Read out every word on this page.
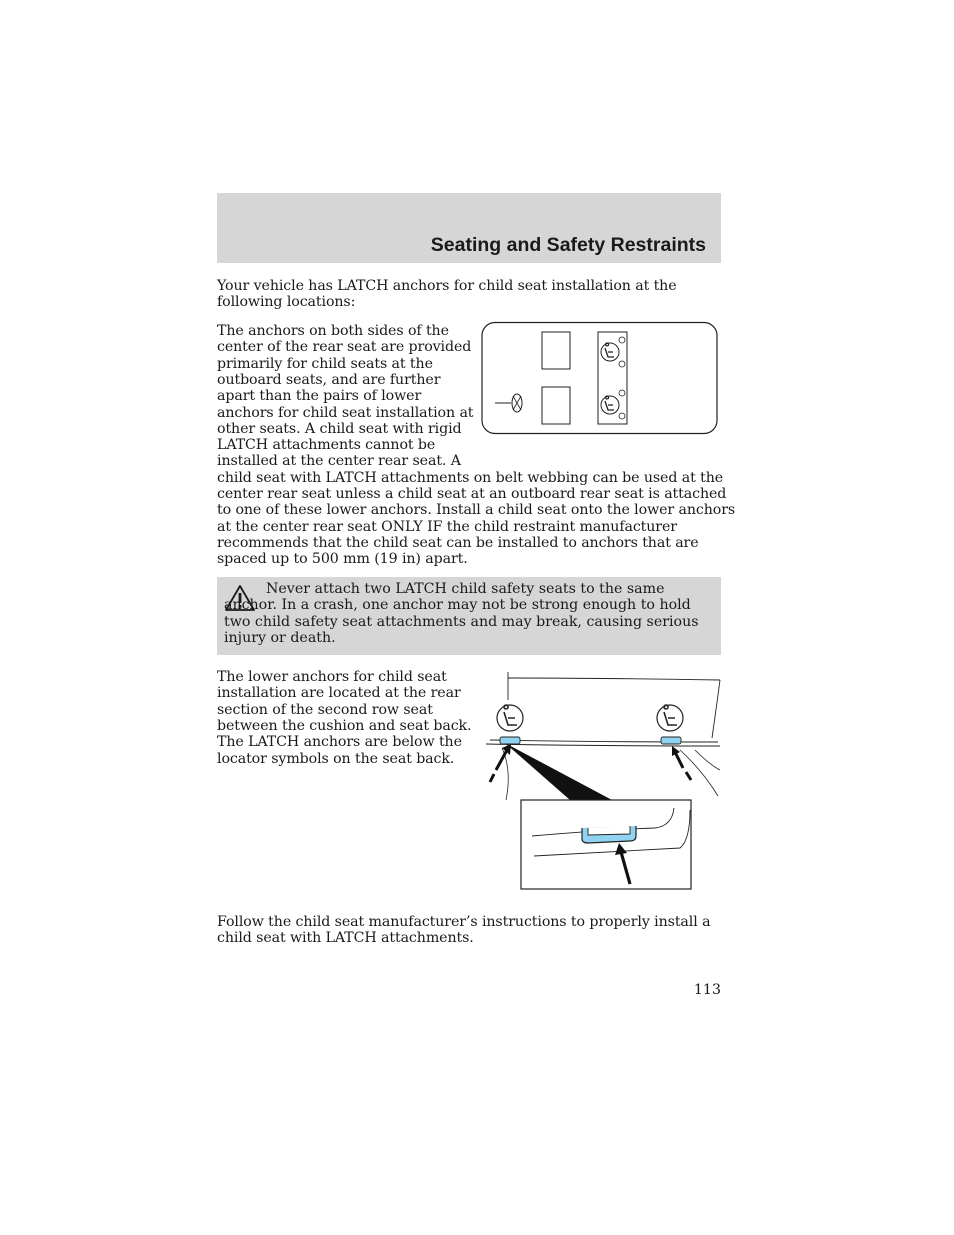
Seating and Safety Restraints
Your vehicle has LATCH anchors for child seat installation at the following locations:
The anchors on both sides of the
center of the rear seat are provided
primarily for child seats at the
outboard seats, and are further
apart than the pairs of lower
anchors for child seat installation at
other seats. A child seat with rigid
LATCH attachments cannot be
installed at the center rear seat. A
child seat with LATCH attachments on belt webbing can be used at the
center rear seat unless a child seat at an outboard rear seat is attached
to one of these lower anchors. Install a child seat onto the lower anchors
at the center rear seat ONLY IF the child restraint manufacturer
recommends that the child seat can be installed to anchors that are
spaced up to 500 mm (19 in) apart.
Never attach two LATCH child safety seats to the same anchor. In a crash, one anchor may not be strong enough to hold two child safety seat attachments and may break, causing serious injury or death.
The lower anchors for child seat
installation are located at the rear
section of the second row seat
between the cushion and seat back.
The LATCH anchors are below the
locator symbols on the seat back.
Follow the child seat manufacturer’s instructions to properly install a child seat with LATCH attachments.
113
